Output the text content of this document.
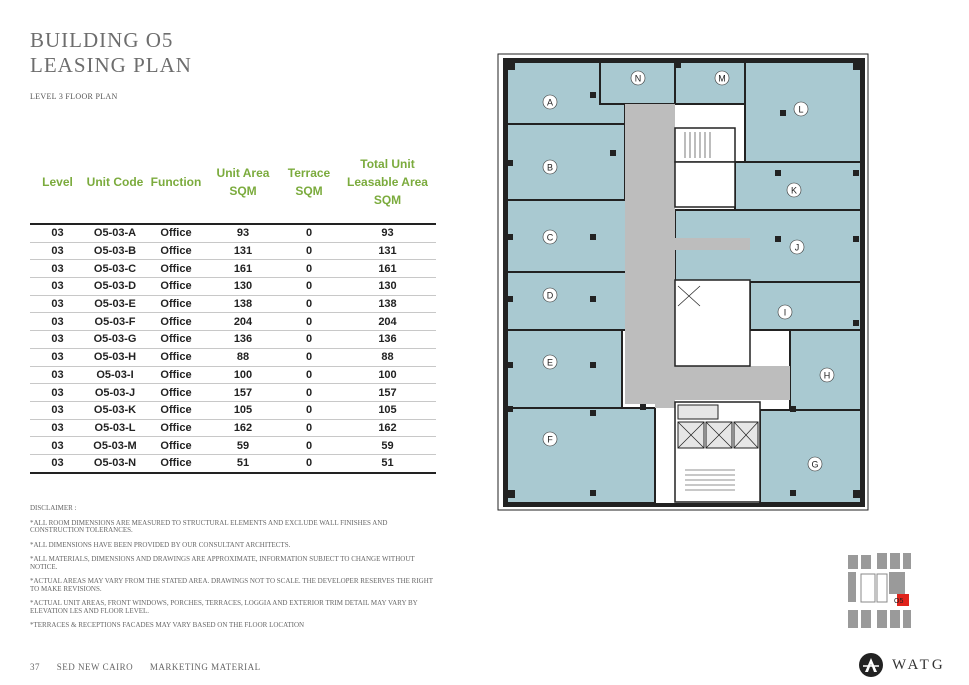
BUILDING O5
LEASING PLAN
LEVEL 3 FLOOR PLAN
Level	Unit Code	Function	Unit Area SQM	Terrace SQM	Total Unit Leasable Area SQM
03	O5-03-A	Office	93	0	93
03	O5-03-B	Office	131	0	131
03	O5-03-C	Office	161	0	161
03	O5-03-D	Office	130	0	130
03	O5-03-E	Office	138	0	138
03	O5-03-F	Office	204	0	204
03	O5-03-G	Office	136	0	136
03	O5-03-H	Office	88	0	88
03	O5-03-I	Office	100	0	100
03	O5-03-J	Office	157	0	157
03	O5-03-K	Office	105	0	105
03	O5-03-L	Office	162	0	162
03	O5-03-M	Office	59	0	59
03	O5-03-N	Office	51	0	51

DISCLAIMER :

*ALL ROOM DIMENSIONS ARE MEASURED TO STRUCTURAL ELEMENTS AND EXCLUDE WALL FINISHES AND CONSTRUCTION TOLERANCES.

*ALL DIMENSIONS HAVE BEEN PROVIDED BY OUR CONSULTANT ARCHITECTS.

*ALL MATERIALS, DIMENSIONS AND DRAWINGS ARE APPROXIMATE, INFORMATION SUBJECT TO CHANGE WITHOUT NOTICE.

*ACTUAL AREAS MAY VARY FROM THE STATED AREA. DRAWINGS NOT TO SCALE. THE DEVELOPER RESERVES THE RIGHT TO MAKE REVISIONS.

*ACTUAL UNIT AREAS, FRONT WINDOWS, PORCHES, TERRACES, LOGGIA AND EXTERIOR TRIM DETAIL MAY VARY BY ELEVATION LES AND FLOOR LEVEL.

*TERRACES & RECEPTIONS FACADES MAY VARY BASED ON THE FLOOR LOCATION

37 SED NEW CAIRO MARKETING MATERIAL
A
B
C
D
E
F
G
H
I
J
K
L
M
N
O5
WATG
